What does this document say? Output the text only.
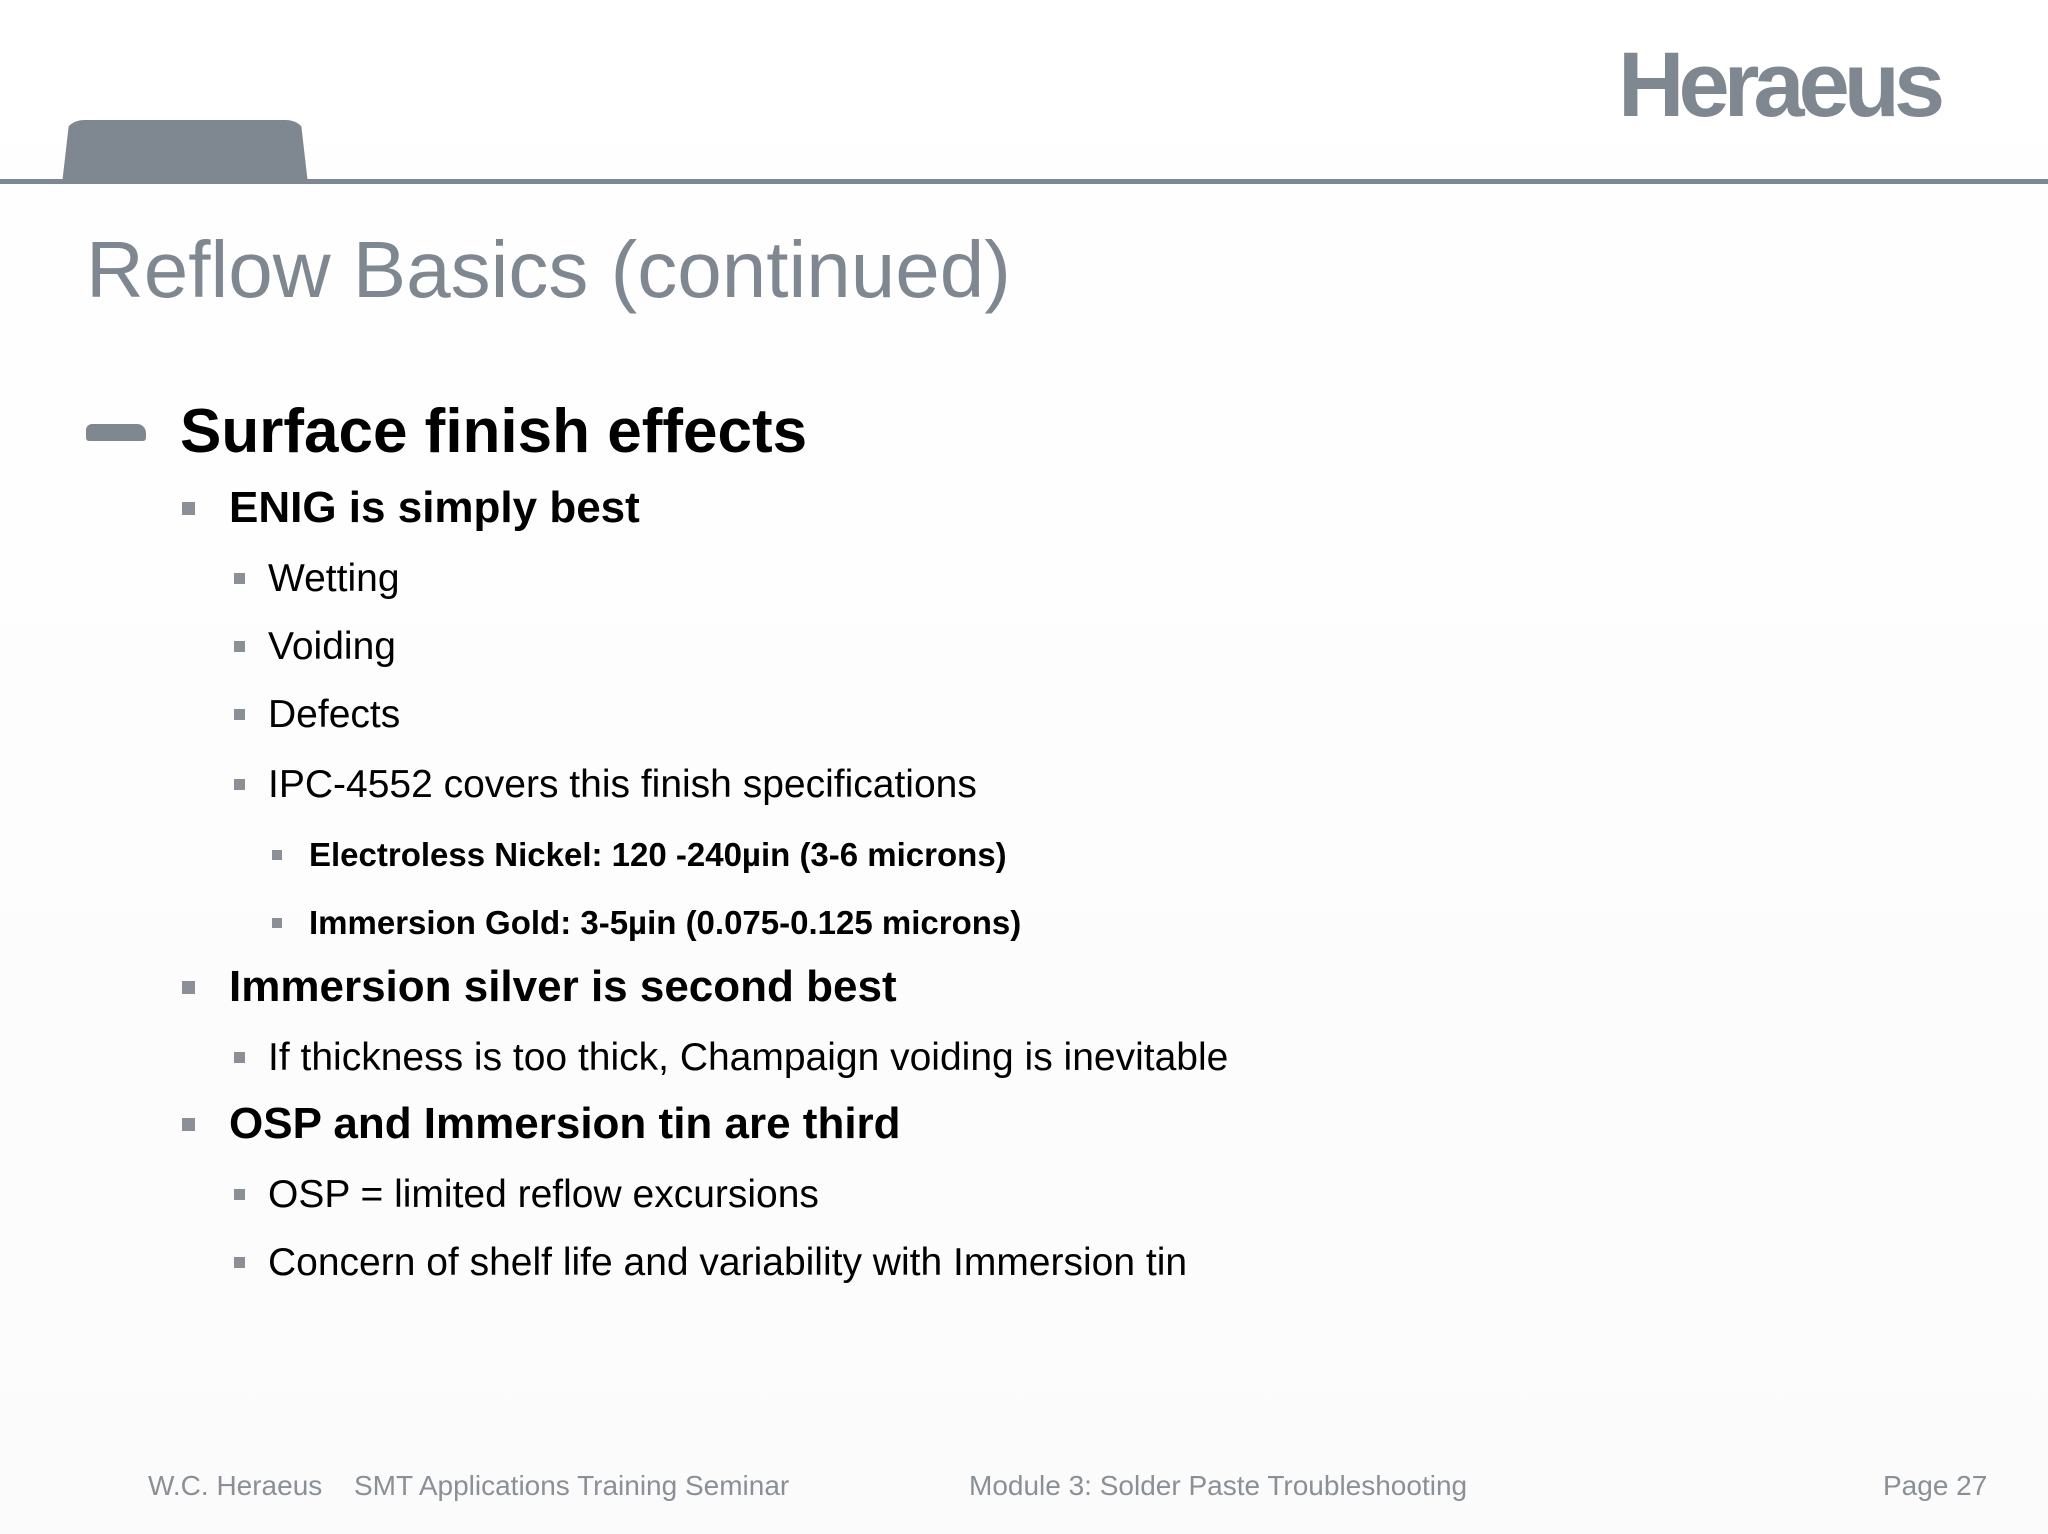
Heraeus
Reflow Basics (continued)
Surface finish effects
ENIG is simply best
Wetting
Voiding
Defects
IPC-4552 covers this finish specifications
Electroless Nickel: 120 -240µin (3-6 microns)
Immersion Gold: 3-5µin (0.075-0.125 microns)
Immersion silver is second best
If thickness is too thick, Champaign voiding is inevitable
OSP and Immersion tin are third
OSP = limited reflow excursions
Concern of shelf life and variability with Immersion tin
W.C. Heraeus SMT Applications Training Seminar	Module 3: Solder Paste Troubleshooting	Page 27
